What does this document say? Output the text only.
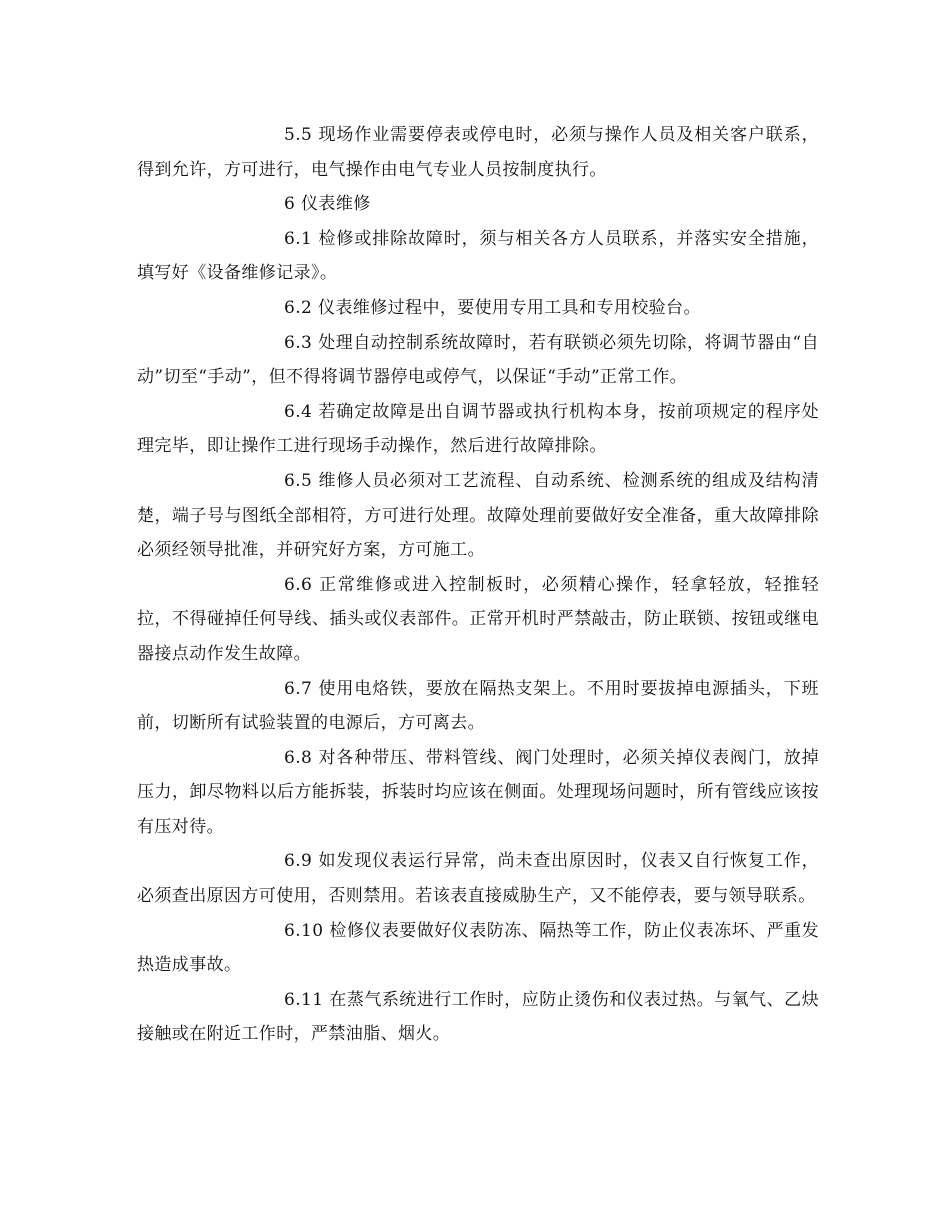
5.5 现场作业需要停表或停电时，必须与操作人员及相关客户联系，得到允许，方可进行，电气操作由电气专业人员按制度执行。

6 仪表维修

6.1 检修或排除故障时，须与相关各方人员联系，并落实安全措施，填写好《设备维修记录》。

6.2 仪表维修过程中，要使用专用工具和专用校验台。

6.3 处理自动控制系统故障时，若有联锁必须先切除，将调节器由“自动”切至“手动”，但不得将调节器停电或停气，以保证“手动”正常工作。

6.4 若确定故障是出自调节器或执行机构本身，按前项规定的程序处理完毕，即让操作工进行现场手动操作，然后进行故障排除。

6.5 维修人员必须对工艺流程、自动系统、检测系统的组成及结构清楚，端子号与图纸全部相符，方可进行处理。故障处理前要做好安全准备，重大故障排除必须经领导批准，并研究好方案，方可施工。

6.6 正常维修或进入控制板时，必须精心操作，轻拿轻放，轻推轻拉，不得碰掉任何导线、插头或仪表部件。正常开机时严禁敲击，防止联锁、按钮或继电器接点动作发生故障。

6.7 使用电烙铁，要放在隔热支架上。不用时要拔掉电源插头，下班前，切断所有试验装置的电源后，方可离去。

6.8 对各种带压、带料管线、阀门处理时，必须关掉仪表阀门，放掉压力，卸尽物料以后方能拆装，拆装时均应该在侧面。处理现场问题时，所有管线应该按有压对待。

6.9 如发现仪表运行异常，尚未查出原因时，仪表又自行恢复工作，必须查出原因方可使用，否则禁用。若该表直接威胁生产，又不能停表，要与领导联系。

6.10 检修仪表要做好仪表防冻、隔热等工作，防止仪表冻坏、严重发热造成事故。

6.11 在蒸气系统进行工作时，应防止烫伤和仪表过热。与氧气、乙炔接触或在附近工作时，严禁油脂、烟火。
